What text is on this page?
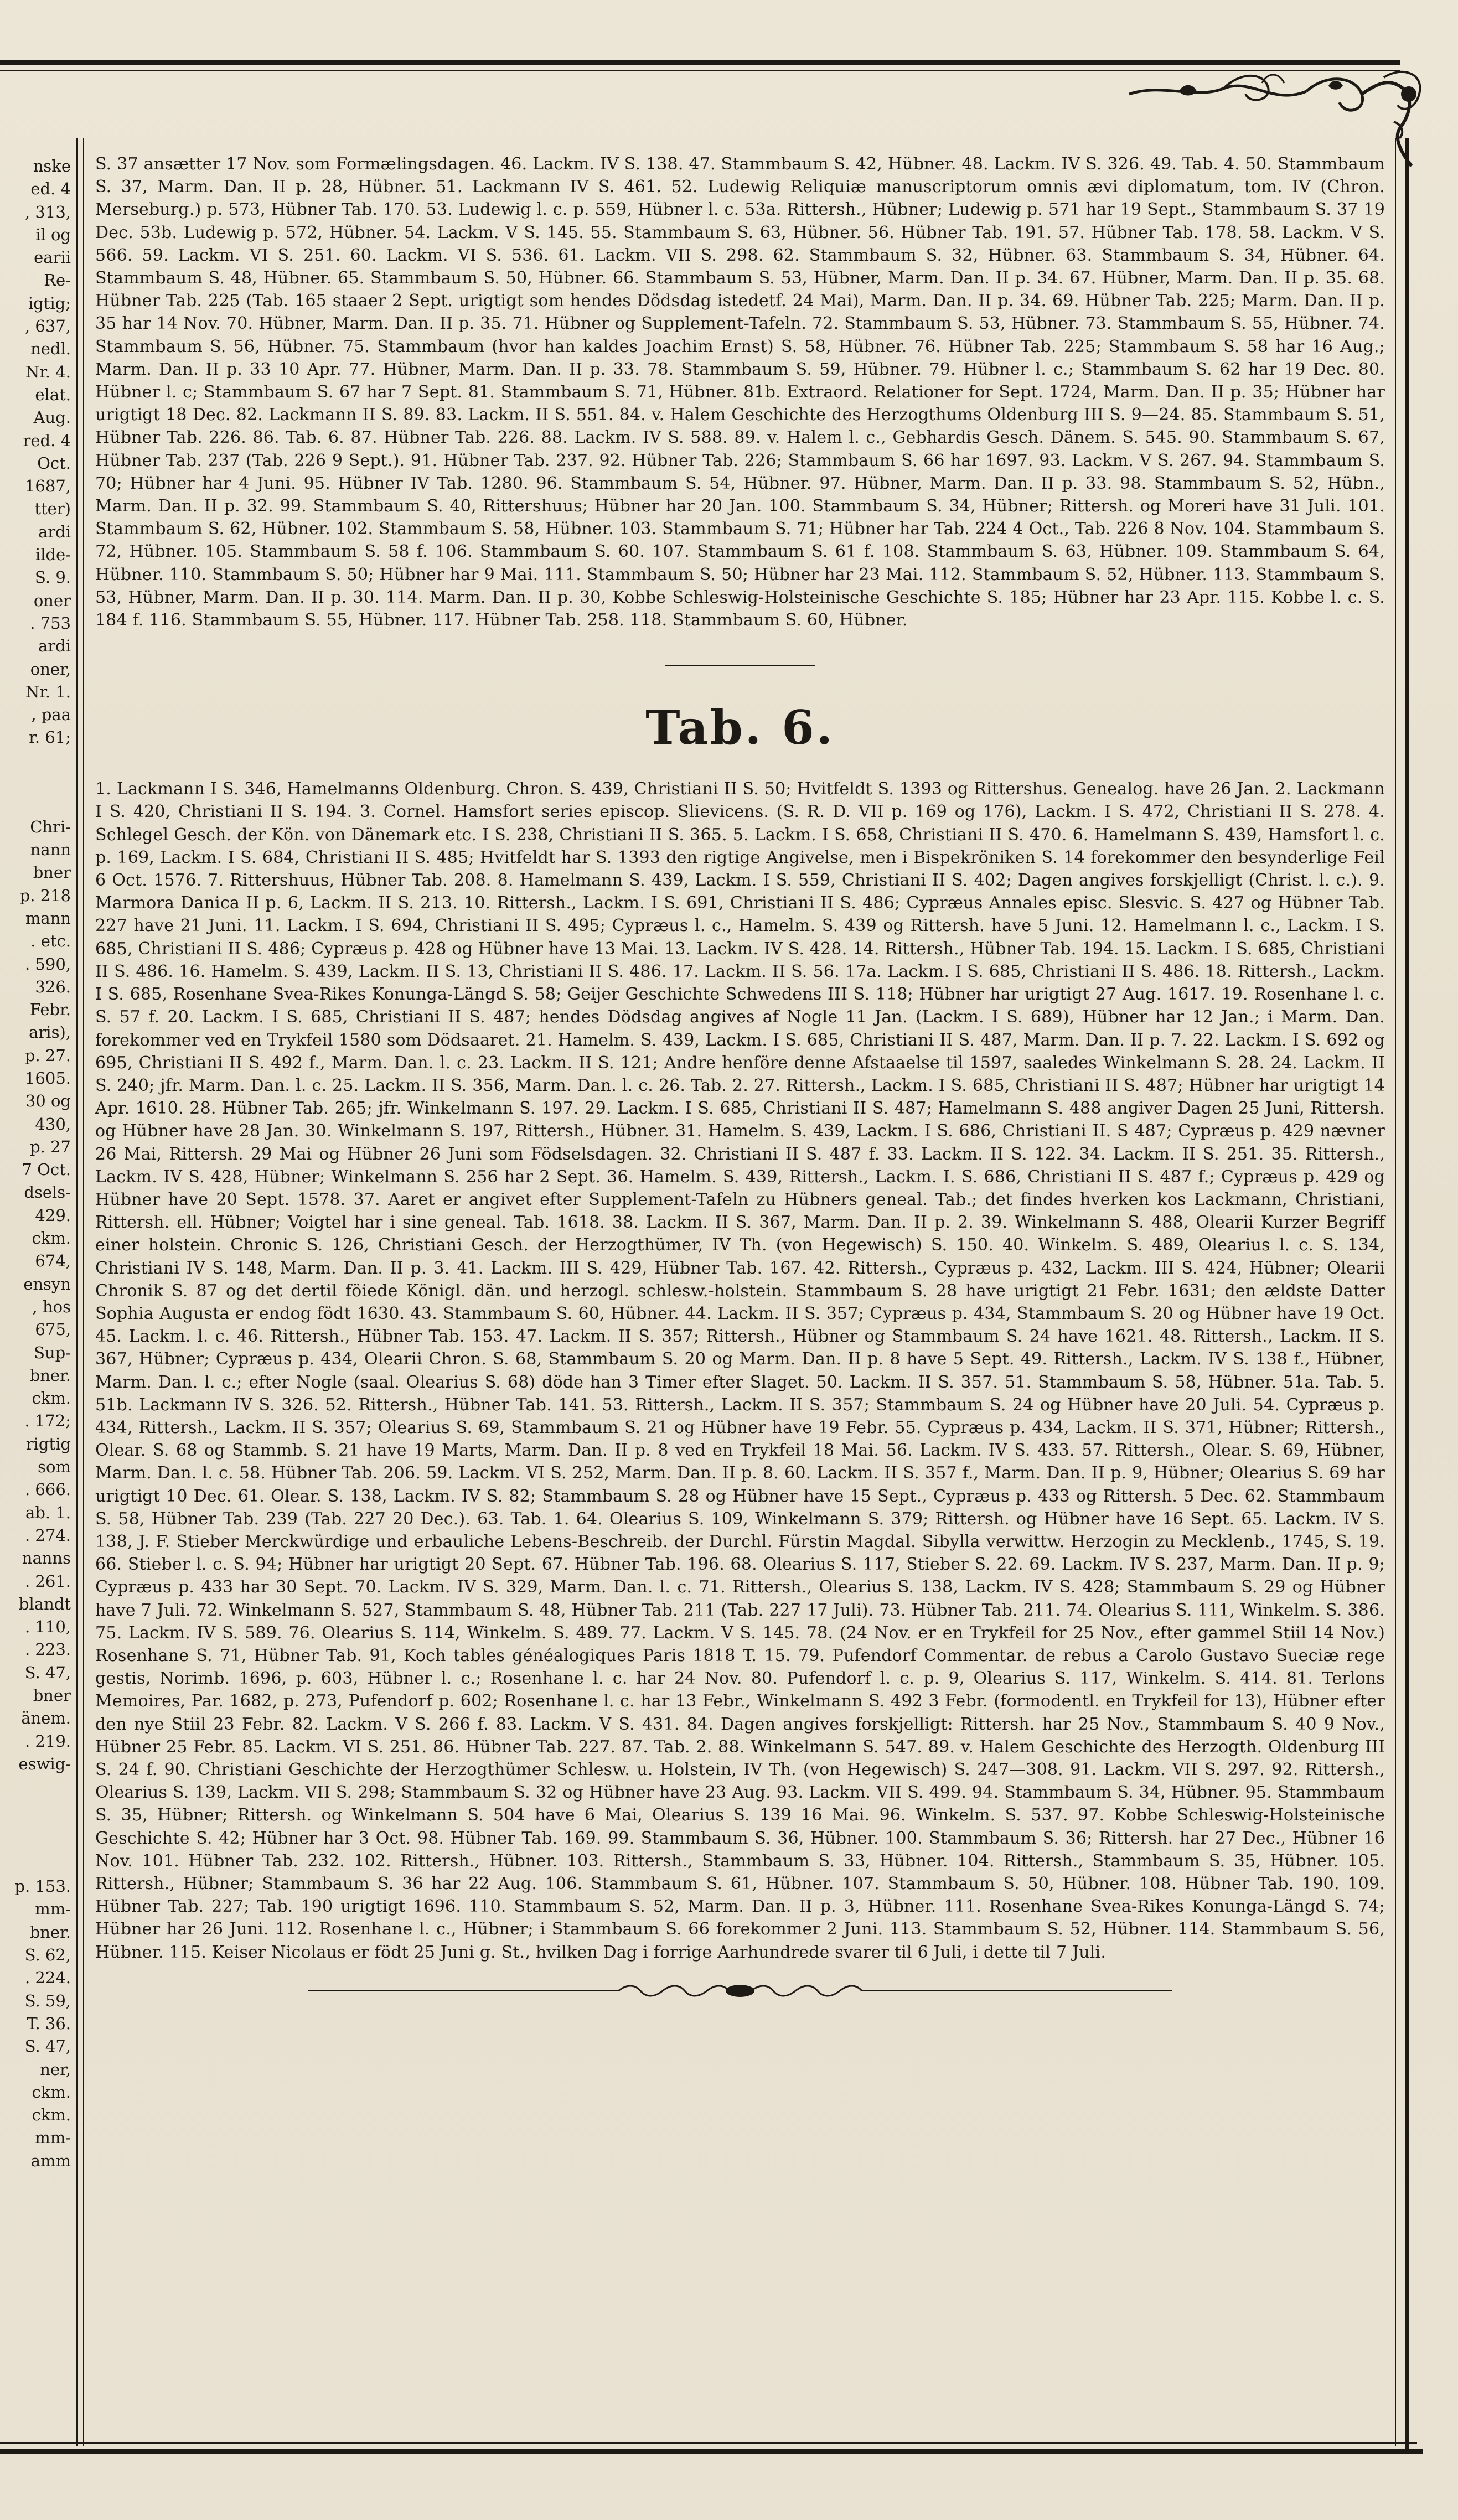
nske
ed. 4
, 313,
il og
earii
Re-
igtig;
, 637,
nedl.
Nr. 4.
elat.
Aug.
red. 4
Oct.
1687,
tter)
ardi
ilde-
S. 9.
oner
. 753
ardi
oner,
Nr. 1.
, paa
r. 61;
Chri-
nann
bner
p. 218
mann
. etc.
. 590,
326.
Febr.
aris),
p. 27.
1605.
30 og
430,
p. 27
7 Oct.
dsels-
429.
ckm.
674,
ensyn
, hos
675,
Sup-
bner.
ckm.
. 172;
rigtig
som
. 666.
ab. 1.
. 274.
nanns
. 261.
blandt
. 110,
. 223.
S. 47,
bner
änem.
. 219.
eswig-
p. 153.
mm-
bner.
S. 62,
. 224.
S. 59,
T. 36.
S. 47,
ner,
ckm.
ckm.
mm-
amm

S. 37 ansætter 17 Nov. som Formælingsdagen. 46. Lackm. IV S. 138. 47. Stammbaum S. 42, Hübner. 48. Lackm. IV S. 326. 49. Tab. 4. 50. Stammbaum S. 37, Marm. Dan. II p. 28, Hübner. 51. Lackmann IV S. 461. 52. Ludewig Reliquiæ manuscriptorum omnis ævi diplomatum, tom. IV (Chron. Merseburg.) p. 573, Hübner Tab. 170. 53. Ludewig l. c. p. 559, Hübner l. c. 53a. Rittersh., Hübner; Ludewig p. 571 har 19 Sept., Stammbaum S. 37 19 Dec. 53b. Ludewig p. 572, Hübner. 54. Lackm. V S. 145. 55. Stammbaum S. 63, Hübner. 56. Hübner Tab. 191. 57. Hübner Tab. 178. 58. Lackm. V S. 566. 59. Lackm. VI S. 251. 60. Lackm. VI S. 536. 61. Lackm. VII S. 298. 62. Stammbaum S. 32, Hübner. 63. Stammbaum S. 34, Hübner. 64. Stammbaum S. 48, Hübner. 65. Stammbaum S. 50, Hübner. 66. Stammbaum S. 53, Hübner, Marm. Dan. II p. 34. 67. Hübner, Marm. Dan. II p. 35. 68. Hübner Tab. 225 (Tab. 165 staaer 2 Sept. urigtigt som hendes Dödsdag istedetf. 24 Mai), Marm. Dan. II p. 34. 69. Hübner Tab. 225; Marm. Dan. II p. 35 har 14 Nov. 70. Hübner, Marm. Dan. II p. 35. 71. Hübner og Supplement-Tafeln. 72. Stammbaum S. 53, Hübner. 73. Stammbaum S. 55, Hübner. 74. Stammbaum S. 56, Hübner. 75. Stammbaum (hvor han kaldes Joachim Ernst) S. 58, Hübner. 76. Hübner Tab. 225; Stammbaum S. 58 har 16 Aug.; Marm. Dan. II p. 33 10 Apr. 77. Hübner, Marm. Dan. II p. 33. 78. Stammbaum S. 59, Hübner. 79. Hübner l. c.; Stammbaum S. 62 har 19 Dec. 80. Hübner l. c; Stammbaum S. 67 har 7 Sept. 81. Stammbaum S. 71, Hübner. 81b. Extraord. Relationer for Sept. 1724, Marm. Dan. II p. 35; Hübner har urigtigt 18 Dec. 82. Lackmann II S. 89. 83. Lackm. II S. 551. 84. v. Halem Geschichte des Herzogthums Oldenburg III S. 9—24. 85. Stammbaum S. 51, Hübner Tab. 226. 86. Tab. 6. 87. Hübner Tab. 226. 88. Lackm. IV S. 588. 89. v. Halem l. c., Gebhardis Gesch. Dänem. S. 545. 90. Stammbaum S. 67, Hübner Tab. 237 (Tab. 226 9 Sept.). 91. Hübner Tab. 237. 92. Hübner Tab. 226; Stammbaum S. 66 har 1697. 93. Lackm. V S. 267. 94. Stammbaum S. 70; Hübner har 4 Juni. 95. Hübner IV Tab. 1280. 96. Stammbaum S. 54, Hübner. 97. Hübner, Marm. Dan. II p. 33. 98. Stammbaum S. 52, Hübn., Marm. Dan. II p. 32. 99. Stammbaum S. 40, Rittershuus; Hübner har 20 Jan. 100. Stammbaum S. 34, Hübner; Rittersh. og Moreri have 31 Juli. 101. Stammbaum S. 62, Hübner. 102. Stammbaum S. 58, Hübner. 103. Stammbaum S. 71; Hübner har Tab. 224 4 Oct., Tab. 226 8 Nov. 104. Stammbaum S. 72, Hübner. 105. Stammbaum S. 58 f. 106. Stammbaum S. 60. 107. Stammbaum S. 61 f. 108. Stammbaum S. 63, Hübner. 109. Stammbaum S. 64, Hübner. 110. Stammbaum S. 50; Hübner har 9 Mai. 111. Stammbaum S. 50; Hübner har 23 Mai. 112. Stammbaum S. 52, Hübner. 113. Stammbaum S. 53, Hübner, Marm. Dan. II p. 30. 114. Marm. Dan. II p. 30, Kobbe Schleswig-Holsteinische Geschichte S. 185; Hübner har 23 Apr. 115. Kobbe l. c. S. 184 f. 116. Stammbaum S. 55, Hübner. 117. Hübner Tab. 258. 118. Stammbaum S. 60, Hübner.

Tab. 6.

1. Lackmann I S. 346, Hamelmanns Oldenburg. Chron. S. 439, Christiani II S. 50; Hvitfeldt S. 1393 og Rittershus. Genealog. have 26 Jan. 2. Lackmann I S. 420, Christiani II S. 194. 3. Cornel. Hamsfort series episcop. Slievicens. (S. R. D. VII p. 169 og 176), Lackm. I S. 472, Christiani II S. 278. 4. Schlegel Gesch. der Kön. von Dänemark etc. I S. 238, Christiani II S. 365. 5. Lackm. I S. 658, Christiani II S. 470. 6. Hamelmann S. 439, Hamsfort l. c. p. 169, Lackm. I S. 684, Christiani II S. 485; Hvitfeldt har S. 1393 den rigtige Angivelse, men i Bispekröniken S. 14 forekommer den besynderlige Feil 6 Oct. 1576. 7. Rittershuus, Hübner Tab. 208. 8. Hamelmann S. 439, Lackm. I S. 559, Christiani II S. 402; Dagen angives forskjelligt (Christ. l. c.). 9. Marmora Danica II p. 6, Lackm. II S. 213. 10. Rittersh., Lackm. I S. 691, Christiani II S. 486; Cypræus Annales episc. Slesvic. S. 427 og Hübner Tab. 227 have 21 Juni. 11. Lackm. I S. 694, Christiani II S. 495; Cypræus l. c., Hamelm. S. 439 og Rittersh. have 5 Juni. 12. Hamelmann l. c., Lackm. I S. 685, Christiani II S. 486; Cypræus p. 428 og Hübner have 13 Mai. 13. Lackm. IV S. 428. 14. Rittersh., Hübner Tab. 194. 15. Lackm. I S. 685, Christiani II S. 486. 16. Hamelm. S. 439, Lackm. II S. 13, Christiani II S. 486. 17. Lackm. II S. 56. 17a. Lackm. I S. 685, Christiani II S. 486. 18. Rittersh., Lackm. I S. 685, Rosenhane Svea-Rikes Konunga-Längd S. 58; Geijer Geschichte Schwedens III S. 118; Hübner har urigtigt 27 Aug. 1617. 19. Rosenhane l. c. S. 57 f. 20. Lackm. I S. 685, Christiani II S. 487; hendes Dödsdag angives af Nogle 11 Jan. (Lackm. I S. 689), Hübner har 12 Jan.; i Marm. Dan. forekommer ved en Trykfeil 1580 som Dödsaaret. 21. Hamelm. S. 439, Lackm. I S. 685, Christiani II S. 487, Marm. Dan. II p. 7. 22. Lackm. I S. 692 og 695, Christiani II S. 492 f., Marm. Dan. l. c. 23. Lackm. II S. 121; Andre henföre denne Afstaaelse til 1597, saaledes Winkelmann S. 28. 24. Lackm. II S. 240; jfr. Marm. Dan. l. c. 25. Lackm. II S. 356, Marm. Dan. l. c. 26. Tab. 2. 27. Rittersh., Lackm. I S. 685, Christiani II S. 487; Hübner har urigtigt 14 Apr. 1610. 28. Hübner Tab. 265; jfr. Winkelmann S. 197. 29. Lackm. I S. 685, Christiani II S. 487; Hamelmann S. 488 angiver Dagen 25 Juni, Rittersh. og Hübner have 28 Jan. 30. Winkelmann S. 197, Rittersh., Hübner. 31. Hamelm. S. 439, Lackm. I S. 686, Christiani II. S 487; Cypræus p. 429 nævner 26 Mai, Rittersh. 29 Mai og Hübner 26 Juni som Födselsdagen. 32. Christiani II S. 487 f. 33. Lackm. II S. 122. 34. Lackm. II S. 251. 35. Rittersh., Lackm. IV S. 428, Hübner; Winkelmann S. 256 har 2 Sept. 36. Hamelm. S. 439, Rittersh., Lackm. I. S. 686, Christiani II S. 487 f.; Cypræus p. 429 og Hübner have 20 Sept. 1578. 37. Aaret er angivet efter Supplement-Tafeln zu Hübners geneal. Tab.; det findes hverken kos Lackmann, Christiani, Rittersh. ell. Hübner; Voigtel har i sine geneal. Tab. 1618. 38. Lackm. II S. 367, Marm. Dan. II p. 2. 39. Winkelmann S. 488, Olearii Kurzer Begriff einer holstein. Chronic S. 126, Christiani Gesch. der Herzogthümer, IV Th. (von Hegewisch) S. 150. 40. Winkelm. S. 489, Olearius l. c. S. 134, Christiani IV S. 148, Marm. Dan. II p. 3. 41. Lackm. III S. 429, Hübner Tab. 167. 42. Rittersh., Cypræus p. 432, Lackm. III S. 424, Hübner; Olearii Chronik S. 87 og det dertil föiede Königl. dän. und herzogl. schlesw.-holstein. Stammbaum S. 28 have urigtigt 21 Febr. 1631; den ældste Datter Sophia Augusta er endog födt 1630. 43. Stammbaum S. 60, Hübner. 44. Lackm. II S. 357; Cypræus p. 434, Stammbaum S. 20 og Hübner have 19 Oct. 45. Lackm. l. c. 46. Rittersh., Hübner Tab. 153. 47. Lackm. II S. 357; Rittersh., Hübner og Stammbaum S. 24 have 1621. 48. Rittersh., Lackm. II S. 367, Hübner; Cypræus p. 434, Olearii Chron. S. 68, Stammbaum S. 20 og Marm. Dan. II p. 8 have 5 Sept. 49. Rittersh., Lackm. IV S. 138 f., Hübner, Marm. Dan. l. c.; efter Nogle (saal. Olearius S. 68) döde han 3 Timer efter Slaget. 50. Lackm. II S. 357. 51. Stammbaum S. 58, Hübner. 51a. Tab. 5. 51b. Lackmann IV S. 326. 52. Rittersh., Hübner Tab. 141. 53. Rittersh., Lackm. II S. 357; Stammbaum S. 24 og Hübner have 20 Juli. 54. Cypræus p. 434, Rittersh., Lackm. II S. 357; Olearius S. 69, Stammbaum S. 21 og Hübner have 19 Febr. 55. Cypræus p. 434, Lackm. II S. 371, Hübner; Rittersh., Olear. S. 68 og Stammb. S. 21 have 19 Marts, Marm. Dan. II p. 8 ved en Trykfeil 18 Mai. 56. Lackm. IV S. 433. 57. Rittersh., Olear. S. 69, Hübner, Marm. Dan. l. c. 58. Hübner Tab. 206. 59. Lackm. VI S. 252, Marm. Dan. II p. 8. 60. Lackm. II S. 357 f., Marm. Dan. II p. 9, Hübner; Olearius S. 69 har urigtigt 10 Dec. 61. Olear. S. 138, Lackm. IV S. 82; Stammbaum S. 28 og Hübner have 15 Sept., Cypræus p. 433 og Rittersh. 5 Dec. 62. Stammbaum S. 58, Hübner Tab. 239 (Tab. 227 20 Dec.). 63. Tab. 1. 64. Olearius S. 109, Winkelmann S. 379; Rittersh. og Hübner have 16 Sept. 65. Lackm. IV S. 138, J. F. Stieber Merckwürdige und erbauliche Lebens-Beschreib. der Durchl. Fürstin Magdal. Sibylla verwittw. Herzogin zu Mecklenb., 1745, S. 19. 66. Stieber l. c. S. 94; Hübner har urigtigt 20 Sept. 67. Hübner Tab. 196. 68. Olearius S. 117, Stieber S. 22. 69. Lackm. IV S. 237, Marm. Dan. II p. 9; Cypræus p. 433 har 30 Sept. 70. Lackm. IV S. 329, Marm. Dan. l. c. 71. Rittersh., Olearius S. 138, Lackm. IV S. 428; Stammbaum S. 29 og Hübner have 7 Juli. 72. Winkelmann S. 527, Stammbaum S. 48, Hübner Tab. 211 (Tab. 227 17 Juli). 73. Hübner Tab. 211. 74. Olearius S. 111, Winkelm. S. 386. 75. Lackm. IV S. 589. 76. Olearius S. 114, Winkelm. S. 489. 77. Lackm. V S. 145. 78. (24 Nov. er en Trykfeil for 25 Nov., efter gammel Stiil 14 Nov.) Rosenhane S. 71, Hübner Tab. 91, Koch tables généalogiques Paris 1818 T. 15. 79. Pufendorf Commentar. de rebus a Carolo Gustavo Sueciæ rege gestis, Norimb. 1696, p. 603, Hübner l. c.; Rosenhane l. c. har 24 Nov. 80. Pufendorf l. c. p. 9, Olearius S. 117, Winkelm. S. 414. 81. Terlons Memoires, Par. 1682, p. 273, Pufendorf p. 602; Rosenhane l. c. har 13 Febr., Winkelmann S. 492 3 Febr. (formodentl. en Trykfeil for 13), Hübner efter den nye Stiil 23 Febr. 82. Lackm. V S. 266 f. 83. Lackm. V S. 431. 84. Dagen angives forskjelligt: Rittersh. har 25 Nov., Stammbaum S. 40 9 Nov., Hübner 25 Febr. 85. Lackm. VI S. 251. 86. Hübner Tab. 227. 87. Tab. 2. 88. Winkelmann S. 547. 89. v. Halem Geschichte des Herzogth. Oldenburg III S. 24 f. 90. Christiani Geschichte der Herzogthümer Schlesw. u. Holstein, IV Th. (von Hegewisch) S. 247—308. 91. Lackm. VII S. 297. 92. Rittersh., Olearius S. 139, Lackm. VII S. 298; Stammbaum S. 32 og Hübner have 23 Aug. 93. Lackm. VII S. 499. 94. Stammbaum S. 34, Hübner. 95. Stammbaum S. 35, Hübner; Rittersh. og Winkelmann S. 504 have 6 Mai, Olearius S. 139 16 Mai. 96. Winkelm. S. 537. 97. Kobbe Schleswig-Holsteinische Geschichte S. 42; Hübner har 3 Oct. 98. Hübner Tab. 169. 99. Stammbaum S. 36, Hübner. 100. Stammbaum S. 36; Rittersh. har 27 Dec., Hübner 16 Nov. 101. Hübner Tab. 232. 102. Rittersh., Hübner. 103. Rittersh., Stammbaum S. 33, Hübner. 104. Rittersh., Stammbaum S. 35, Hübner. 105. Rittersh., Hübner; Stammbaum S. 36 har 22 Aug. 106. Stammbaum S. 61, Hübner. 107. Stammbaum S. 50, Hübner. 108. Hübner Tab. 190. 109. Hübner Tab. 227; Tab. 190 urigtigt 1696. 110. Stammbaum S. 52, Marm. Dan. II p. 3, Hübner. 111. Rosenhane Svea-Rikes Konunga-Längd S. 74; Hübner har 26 Juni. 112. Rosenhane l. c., Hübner; i Stammbaum S. 66 forekommer 2 Juni. 113. Stammbaum S. 52, Hübner. 114. Stammbaum S. 56, Hübner. 115. Keiser Nicolaus er födt 25 Juni g. St., hvilken Dag i forrige Aarhundrede svarer til 6 Juli, i dette til 7 Juli.
